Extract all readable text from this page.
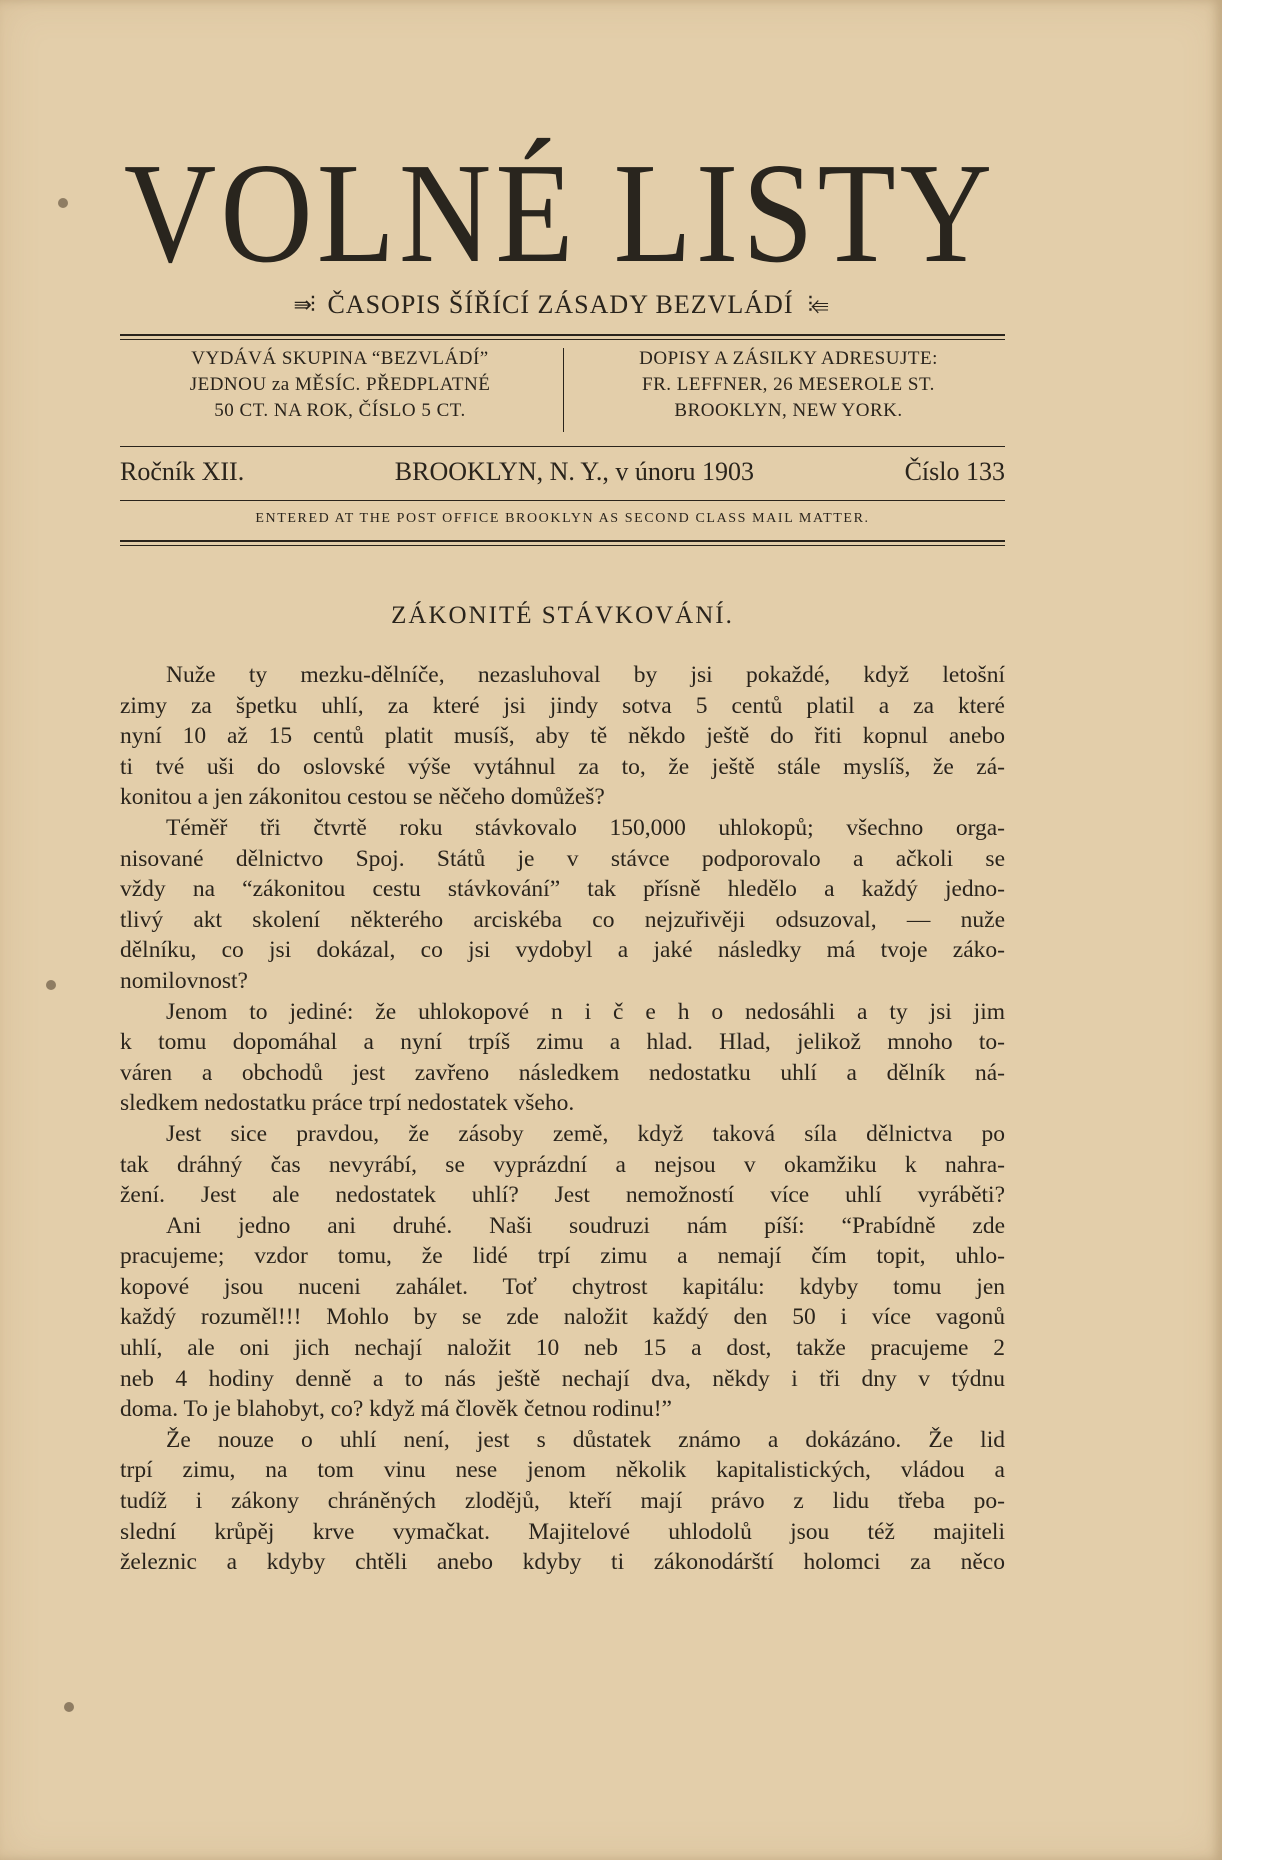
VOLNÉ LISTY
⇛⫶ ČASOPIS ŠÍŘÍCÍ ZÁSADY BEZVLÁDÍ ⫶⇚
VYDÁVÁ SKUPINA “BEZVLÁDÍ”
JEDNOU za MĚSÍC. PŘEDPLATNÉ
50 CT. NA ROK, ČÍSLO 5 CT.
DOPISY A ZÁSILKY ADRESUJTE:
FR. LEFFNER, 26 MESEROLE ST.
BROOKLYN, NEW YORK.
Ročník XII.	BROOKLYN, N. Y., v únoru 1903	Číslo 133
ENTERED AT THE POST OFFICE BROOKLYN AS SECOND CLASS MAIL MATTER.
ZÁKONITÉ STÁVKOVÁNÍ.
Nuže ty mezku-dělníče, nezasluhoval by jsi pokaždé, když letošní
zimy za špetku uhlí, za které jsi jindy sotva 5 centů platil a za které
nyní 10 až 15 centů platit musíš, aby tě někdo ještě do řiti kopnul anebo
ti tvé uši do oslovské výše vytáhnul za to, že ještě stále myslíš, že zá-
konitou a jen zákonitou cestou se něčeho domůžeš?
Téměř tři čtvrtě roku stávkovalo 150,000 uhlokopů; všechno orga-
nisované dělnictvo Spoj. Států je v stávce podporovalo a ačkoli se
vždy na “zákonitou cestu stávkování” tak přísně hledělo a každý jedno-
tlivý akt skolení některého arciskéba co nejzuřivěji odsuzoval, — nuže
dělníku, co jsi dokázal, co jsi vydobyl a jaké následky má tvoje záko-
nomilovnost?
Jenom to jediné: že uhlokopové n i č e h o nedosáhli a ty jsi jim
k tomu dopomáhal a nyní trpíš zimu a hlad. Hlad, jelikož mnoho to-
váren a obchodů jest zavřeno následkem nedostatku uhlí a dělník ná-
sledkem nedostatku práce trpí nedostatek všeho.
Jest sice pravdou, že zásoby země, když taková síla dělnictva po
tak dráhný čas nevyrábí, se vyprázdní a nejsou v okamžiku k nahra-
žení. Jest ale nedostatek uhlí? Jest nemožností více uhlí vyráběti?
Ani jedno ani druhé. Naši soudruzi nám píší: “Prabídně zde
pracujeme; vzdor tomu, že lidé trpí zimu a nemají čím topit, uhlo-
kopové jsou nuceni zahálet. Toť chytrost kapitálu: kdyby tomu jen
každý rozuměl!!! Mohlo by se zde naložit každý den 50 i více vagonů
uhlí, ale oni jich nechají naložit 10 neb 15 a dost, takže pracujeme 2
neb 4 hodiny denně a to nás ještě nechají dva, někdy i tři dny v týdnu
doma. To je blahobyt, co? když má člověk četnou rodinu!”
Že nouze o uhlí není, jest s důstatek známo a dokázáno. Že lid
trpí zimu, na tom vinu nese jenom několik kapitalistických, vládou a
tudíž i zákony chráněných zlodějů, kteří mají právo z lidu třeba po-
slední krůpěj krve vymačkat. Majitelové uhlodolů jsou též majiteli
železnic a kdyby chtěli anebo kdyby ti zákonodárští holomci za něco
